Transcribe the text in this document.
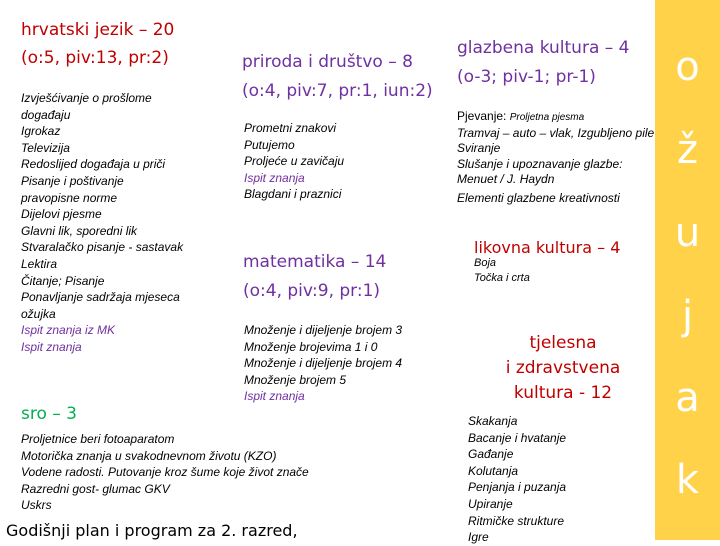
o
ž
u
j
a
k
hrvatski jezik – 20
(o:5, piv:13, pr:2)
Izvješćivanje o prošlome
događaju
Igrokaz
Televizija
Redoslijed događaja u priči
Pisanje i poštivanje
pravopisne norme
Dijelovi pjesme
Glavni lik, sporedni lik
Stvaralačko pisanje - sastavak
Lektira
Čitanje; Pisanje
Ponavljanje sadržaja mjeseca
ožujka
Ispit znanja iz MK
Ispit znanja
priroda i društvo – 8
(o:4, piv:7, pr:1, iun:2)
Prometni znakovi
Putujemo
Proljeće u zavičaju
Ispit znanja
Blagdani i praznici
matematika – 14
(o:4, piv:9, pr:1)
Množenje i dijeljenje brojem 3
Množenje brojevima 1 i 0
Množenje i dijeljenje brojem 4
Množenje brojem 5
Ispit znanja
glazbena kultura – 4
(o-3; piv-1; pr-1)
Pjevanje: Proljetna pjesma
Tramvaj – auto – vlak, Izgubljeno pile
Sviranje
Slušanje i upoznavanje glazbe:
Menuet / J. Haydn
Elementi glazbene kreativnosti
likovna kultura – 4
Boja
Točka i crta
tjelesna
i zdravstvena
kultura - 12
Skakanja
Bacanje i hvatanje
Gađanje
Kolutanja
Penjanja i puzanja
Upiranje
Ritmičke strukture
Igre
sro – 3
Proljetnice beri fotoaparatom
Motorička znanja u svakodnevnom životu (KZO)
Vodene radosti. Putovanje kroz šume koje život znače
Razredni gost- glumac GKV
Uskrs
Godišnji plan i program za 2. razred,
